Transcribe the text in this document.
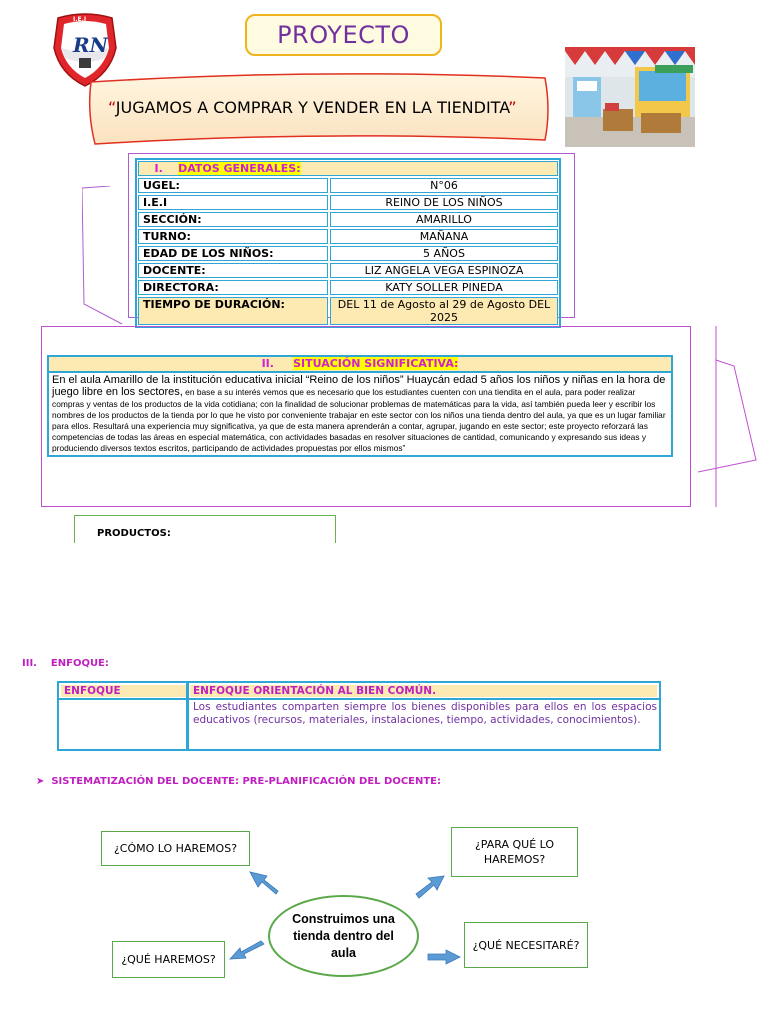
RN	PROYECTO
“JUGAMOS A COMPRAR Y VENDER EN LA TIENDITA”
I. DATOS GENERALES:
UGEL:	N°06
I.E.I	REINO DE LOS NIÑOS
SECCIÓN:	AMARILLO
TURNO:	MAÑANA
EDAD DE LOS NIÑOS:	5 AÑOS
DOCENTE:	LIZ ANGELA VEGA ESPINOZA
DIRECTORA:	KATY SOLLER PINEDA
TIEMPO DE DURACIÓN:	DEL 11 de Agosto al 29 de Agosto DEL 2025
II. SITUACIÓN SIGNIFICATIVA:
En el aula Amarillo de la institución educativa inicial “Reino de los niños” Huaycán edad 5 años los niños y niñas en la hora de juego libre en los sectores, en base a su interés vemos que es necesario que los estudiantes cuenten con una tiendita en el aula, para poder realizar compras y ventas de los productos de la vida cotidiana; con la finalidad de solucionar problemas de matemáticas para la vida, así también pueda leer y escribir los nombres de los productos de la tienda por lo que he visto por conveniente trabajar en este sector con los niños una tienda dentro del aula, ya que es un lugar familiar para ellos. Resultará una experiencia muy significativa, ya que de esta manera aprenderán a contar, agrupar, jugando en este sector; este proyecto reforzará las competencias de todas las áreas en especial matemática, con actividades basadas en resolver situaciones de cantidad, comunicando y expresando sus ideas y produciendo diversos textos escritos, participando de actividades propuestas por ellos mismos”
PRODUCTOS:
III. ENFOQUE:
ENFOQUE	ENFOQUE ORIENTACIÓN AL BIEN COMÚN.
Los estudiantes comparten siempre los bienes disponibles para ellos en los espacios educativos (recursos, materiales, instalaciones, tiempo, actividades, conocimientos).
➤ SISTEMATIZACIÓN DEL DOCENTE: PRE-PLANIFICACIÓN DEL DOCENTE:
¿CÓMO LO HAREMOS?	¿PARA QUÉ LO HAREMOS?
¿QUÉ HAREMOS?
¿QUÉ NECESITARÉ?
Construimos una tienda dentro del aula
I.E.I
